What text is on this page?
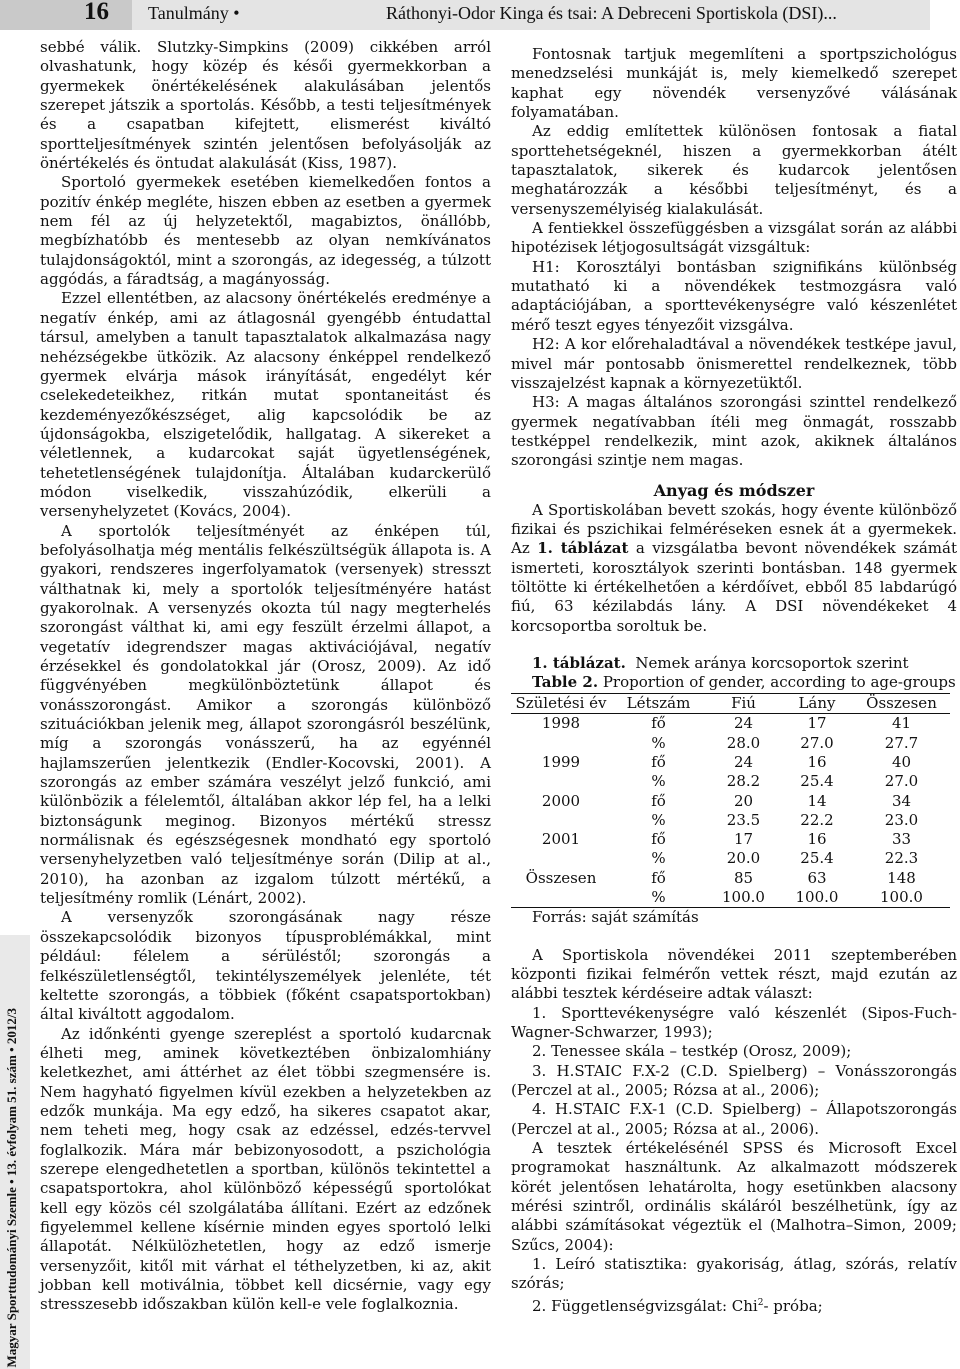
16 Tanulmány •	Ráthonyi-Odor Kinga és tsai: A Debreceni Sportiskola (DSI)...
Magyar Sporttudományi Szemle • 13. évfolyam 51. szám • 2012/3

sebbé válik. Slutzky-Simpkins (2009) cikkében arról olvashatunk, hogy közép és késői gyermekkorban a gyermekek önértékelésének alakulásában jelentős szerepet játszik a sportolás. Később, a testi teljesítmények és a csapatban kifejtett, elismerést kiváltó sportteljesítmények szintén jelentősen befolyásolják az önértékelés és öntudat alakulását (Kiss, 1987).

Sportoló gyermekek esetében kiemelkedően fontos a pozitív énkép megléte, hiszen ebben az esetben a gyermek nem fél az új helyzetektől, magabiztos, önállóbb, megbízhatóbb és mentesebb az olyan nemkívánatos tulajdonságoktól, mint a szorongás, az idegesség, a túlzott aggódás, a fáradtság, a magányosság.

Ezzel ellentétben, az alacsony önértékelés eredménye a negatív énkép, ami az átlagosnál gyengébb éntudattal társul, amelyben a tanult tapasztalatok alkalmazása nagy nehézségekbe ütközik. Az alacsony énképpel rendelkező gyermek elvárja mások irányítását, engedélyt kér cselekedeteikhez, ritkán mutat spontaneitást és kezdeményezőkészséget, alig kapcsolódik be az újdonságokba, elszigetelődik, hallgatag. A sikereket a véletlennek, a kudarcokat saját ügyetlenségének, tehetetlenségének tulajdonítja. Általában kudarckerülő módon viselkedik, visszahúzódik, elkerüli a versenyhelyzetet (Kovács, 2004).

A sportolók teljesítményét az énképen túl, befolyásolhatja még mentális felkészültségük állapota is. A gyakori, rendszeres ingerfolyamatok (versenyek) stresszt válthatnak ki, mely a sportolók teljesítményére hatást gyakorolnak. A versenyzés okozta túl nagy megterhelés szorongást válthat ki, ami egy feszült érzelmi állapot, a vegetatív idegrendszer magas aktivációjával, negatív érzésekkel és gondolatokkal jár (Orosz, 2009). Az idő függvényében megkülönböztetünk állapot és vonásszorongást. Amikor a szorongás különböző szituációkban jelenik meg, állapot szorongásról beszélünk, míg a szorongás vonásszerű, ha az egyénnél hajlamszerűen jelentkezik (Endler-Kocovski, 2001). A szorongás az ember számára veszélyt jelző funkció, ami különbözik a félelemtől, általában akkor lép fel, ha a lelki biztonságunk meginog. Bizonyos mértékű stressz normálisnak és egészségesnek mondható egy sportoló versenyhelyzetben való teljesítménye során (Dilip at al., 2010), ha azonban az izgalom túlzott mértékű, a teljesítmény romlik (Lénárt, 2002).

A versenyzők szorongásának nagy része összekapcsolódik bizonyos típusproblémákkal, mint például: félelem a sérüléstől; szorongás a felkészületlenségtől, tekintélyszemélyek jelenléte, tét keltette szorongás, a többiek (főként csapatsportokban) által kiváltott aggodalom.

Az időnkénti gyenge szereplést a sportoló kudarcnak élheti meg, aminek következtében önbizalomhiány keletkezhet, ami áttérhet az élet többi szegmensére is. Nem hagyható figyelmen kívül ezekben a helyzetekben az edzők munkája. Ma egy edző, ha sikeres csapatot akar, nem teheti meg, hogy csak az edzéssel, edzés-tervvel foglalkozik. Mára már bebizonyosodott, a pszichológia szerepe elengedhetetlen a sportban, különös tekintettel a csapatsportokra, ahol különböző képességű sportolókat kell egy közös cél szolgálatába állítani. Ezért az edzőnek figyelemmel kellene kísérnie minden egyes sportoló lelki állapotát. Nélkülözhetetlen, hogy az edző ismerje versenyzőit, kitől mit várhat el téthelyzetben, ki az, akit jobban kell motiválnia, többet kell dicsérnie, vagy egy stresszesebb időszakban külön kell-e vele foglalkoznia.

Fontosnak tartjuk megemlíteni a sportpszichológus menedzselési munkáját is, mely kiemelkedő szerepet kaphat egy növendék versenyzővé válásának folyamatában.

Az eddig említettek különösen fontosak a fiatal sporttehetségeknél, hiszen a gyermekkorban átélt tapasztalatok, sikerek és kudarcok jelentősen meghatározzák a későbbi teljesítményt, és a versenyszemélyiség kialakulását.

A fentiekkel összefüggésben a vizsgálat során az alábbi hipotézisek létjogosultságát vizsgáltuk:

H1: Korosztályi bontásban szignifikáns különbség mutatható ki a növendékek testmozgásra való adaptációjában, a sporttevékenységre való készenlétet mérő teszt egyes tényezőit vizsgálva.

H2: A kor előrehaladtával a növendékek testképe javul, mivel már pontosabb önismerettel rendelkeznek, több visszajelzést kapnak a környezetüktől.

H3: A magas általános szorongási szinttel rendelkező gyermek negatívabban ítéli meg önmagát, rosszabb testképpel rendelkezik, mint azok, akiknek általános szorongási szintje nem magas.

Anyag és módszer

A Sportiskolában bevett szokás, hogy évente különböző fizikai és pszichikai felméréseken esnek át a gyermekek. Az 1. táblázat a vizsgálatba bevont növendékek számát ismerteti, korosztályok szerinti bontásban. 148 gyermek töltötte ki értékelhetően a kérdőívet, ebből 85 labdarúgó fiú, 63 kézilabdás lány. A DSI növendékeket 4 korcsoportba soroltuk be.

1. táblázat. Nemek aránya korcsoportok szerint

Table 2. Proportion of gender, according to age-groups

Születési év	Létszám	Fiú	Lány	Összesen
1998	fő	24	17	41
	%	28.0	27.0	27.7
1999	fő	24	16	40
	%	28.2	25.4	27.0
2000	fő	20	14	34
	%	23.5	22.2	23.0
2001	fő	17	16	33
	%	20.0	25.4	22.3
Összesen	fő	85	63	148
	%	100.0	100.0	100.0

Forrás: saját számítás

A Sportiskola növendékei 2011 szeptemberében központi fizikai felmérőn vettek részt, majd ezután az alábbi tesztek kérdéseire adtak választ:

1. Sporttevékenységre való készenlét (Sipos-Fuch-Wagner-Schwarzer, 1993);

2. Tenessee skála – testkép (Orosz, 2009);

3. H.STAIC F.X-2 (C.D. Spielberg) – Vonásszorongás (Perczel at al., 2005; Rózsa at al., 2006);

4. H.STAIC F.X-1 (C.D. Spielberg) – Állapotszorongás (Perczel at al., 2005; Rózsa at al., 2006).

A tesztek értékelésénél SPSS és Microsoft Excel programokat használtunk. Az alkalmazott módszerek körét jelentősen lehatárolta, hogy esetünkben alacsony mérési szintről, ordinális skáláról beszélhetünk, így az alábbi számításokat végeztük el (Malhotra–Simon, 2009; Szűcs, 2004):

1. Leíró statisztika: gyakoriság, átlag, szórás, relatív szórás;

2. Függetlenségvizsgálat: Chi$^2$- próba;
